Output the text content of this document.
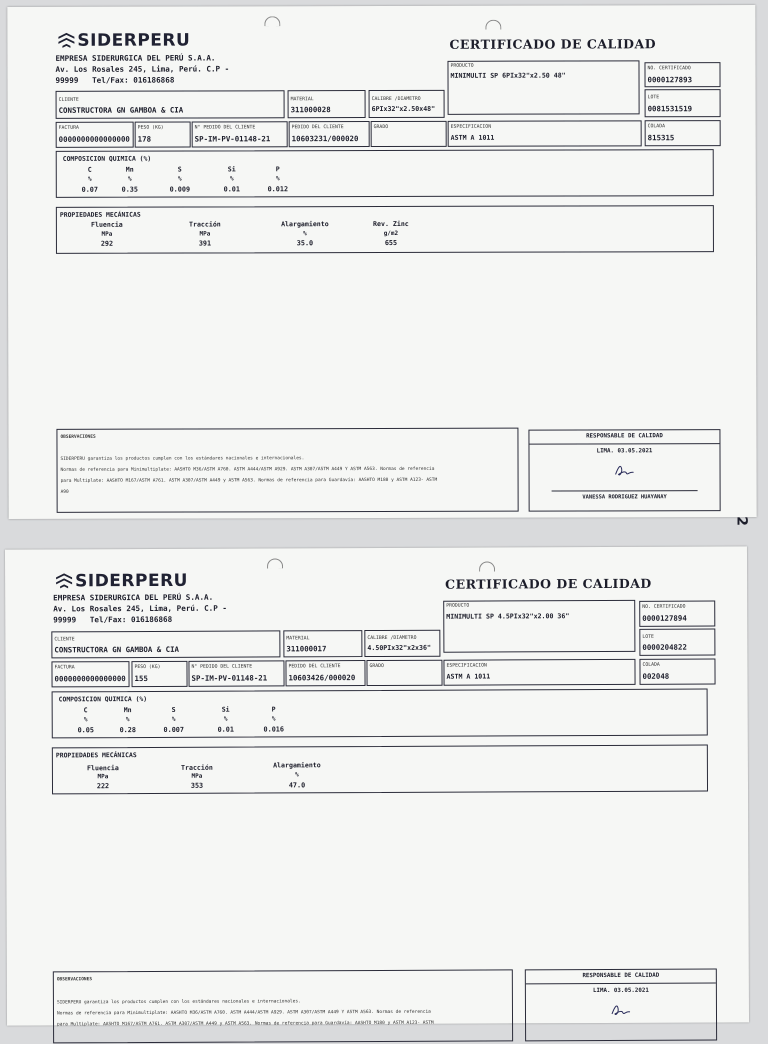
SIDERPERU
EMPRESA SIDERURGICA DEL PERÚ S.A.A.
Av. Los Rosales 245, Lima, Perú. C.P -
99999 Tel/Fax: 016186868
CERTIFICADO DE CALIDAD
PRODUCTO
MINIMULTI SP 6PIx32"x2.50 48"
NO. CERTIFICADO
0000127893
CLIENTE
CONSTRUCTORA GN GAMBOA & CIA
MATERIAL
311000028
CALIBRE /DIAMETRO
6PIx32"x2.50x48"
LOTE
0081531519
FACTURA
0000000000000000
PESO (KG)
178
N° PEDIDO DEL CLIENTE
SP-IM-PV-01148-21
PEDIDO DEL CLIENTE
10603231/000020
GRADO	ESPECIFICACION
ASTM A 1011
COLADA
815315
COMPOSICION QUIMICA (%)
C	Mn	S	Si	P
%	%	%	%	%
0.07	0.35	0.009	0.01	0.012
PROPIEDADES MECÁNICAS
Fluencia	Tracción	Alargamiento	Rev. Zinc
MPa	MPa	%	g/m2
292	391	35.0	655
OBSERVACIONES
SIDERPERU garantiza los productos cumplen con los estándares nacionales e internacionales.
Normas de referencia para Minimultiplate: AASHTO M36/ASTM A760. ASTM A444/ASTM A929. ASTM A307/ASTM A449 Y ASTM A563. Normas de referencia
para Multiplate: AASHTO M167/ASTM A761. ASTM A307/ASTM A449 y ASTM A563. Normas de referencia para Guardavía: AASHTO M180 y ASTM A123- ASTM
A90
RESPONSABLE DE CALIDAD
LIMA. 03.05.2021
VANESSA RODRIGUEZ HUAYANAY
2
SIDERPERU
EMPRESA SIDERURGICA DEL PERÚ S.A.A.
Av. Los Rosales 245, Lima, Perú. C.P -
99999 Tel/Fax: 016186868
CERTIFICADO DE CALIDAD
PRODUCTO
MINIMULTI SP 4.5PIx32"x2.00 36"
NO. CERTIFICADO
0000127894
CLIENTE
CONSTRUCTORA GN GAMBOA & CIA
MATERIAL
311000017
CALIBRE /DIAMETRO
4.50PIx32"x2x36"
LOTE
0000204822
FACTURA
0000000000000000
PESO (KG)
155
N° PEDIDO DEL CLIENTE
SP-IM-PV-01148-21
PEDIDO DEL CLIENTE
10603426/000020
GRADO	ESPECIFICACION
ASTM A 1011
COLADA
002048
COMPOSICION QUIMICA (%)
C	Mn	S	Si	P
%	%	%	%	%
0.05	0.28	0.007	0.01	0.016
PROPIEDADES MECÁNICAS
Fluencia	Tracción	Alargamiento
MPa	MPa	%
222	353	47.0
OBSERVACIONES
SIDERPERU garantiza los productos cumplen con los estándares nacionales e internacionales.
Normas de referencia para Minimultiplate: AASHTO M36/ASTM A760. ASTM A444/ASTM A929. ASTM A307/ASTM A449 Y ASTM A563. Normas de referencia
para Multiplate: AASHTO M167/ASTM A761. ASTM A307/ASTM A449 y ASTM A563. Normas de referencia para Guardavía: AASHTO M180 y ASTM A123- ASTM
RESPONSABLE DE CALIDAD
LIMA. 03.05.2021
